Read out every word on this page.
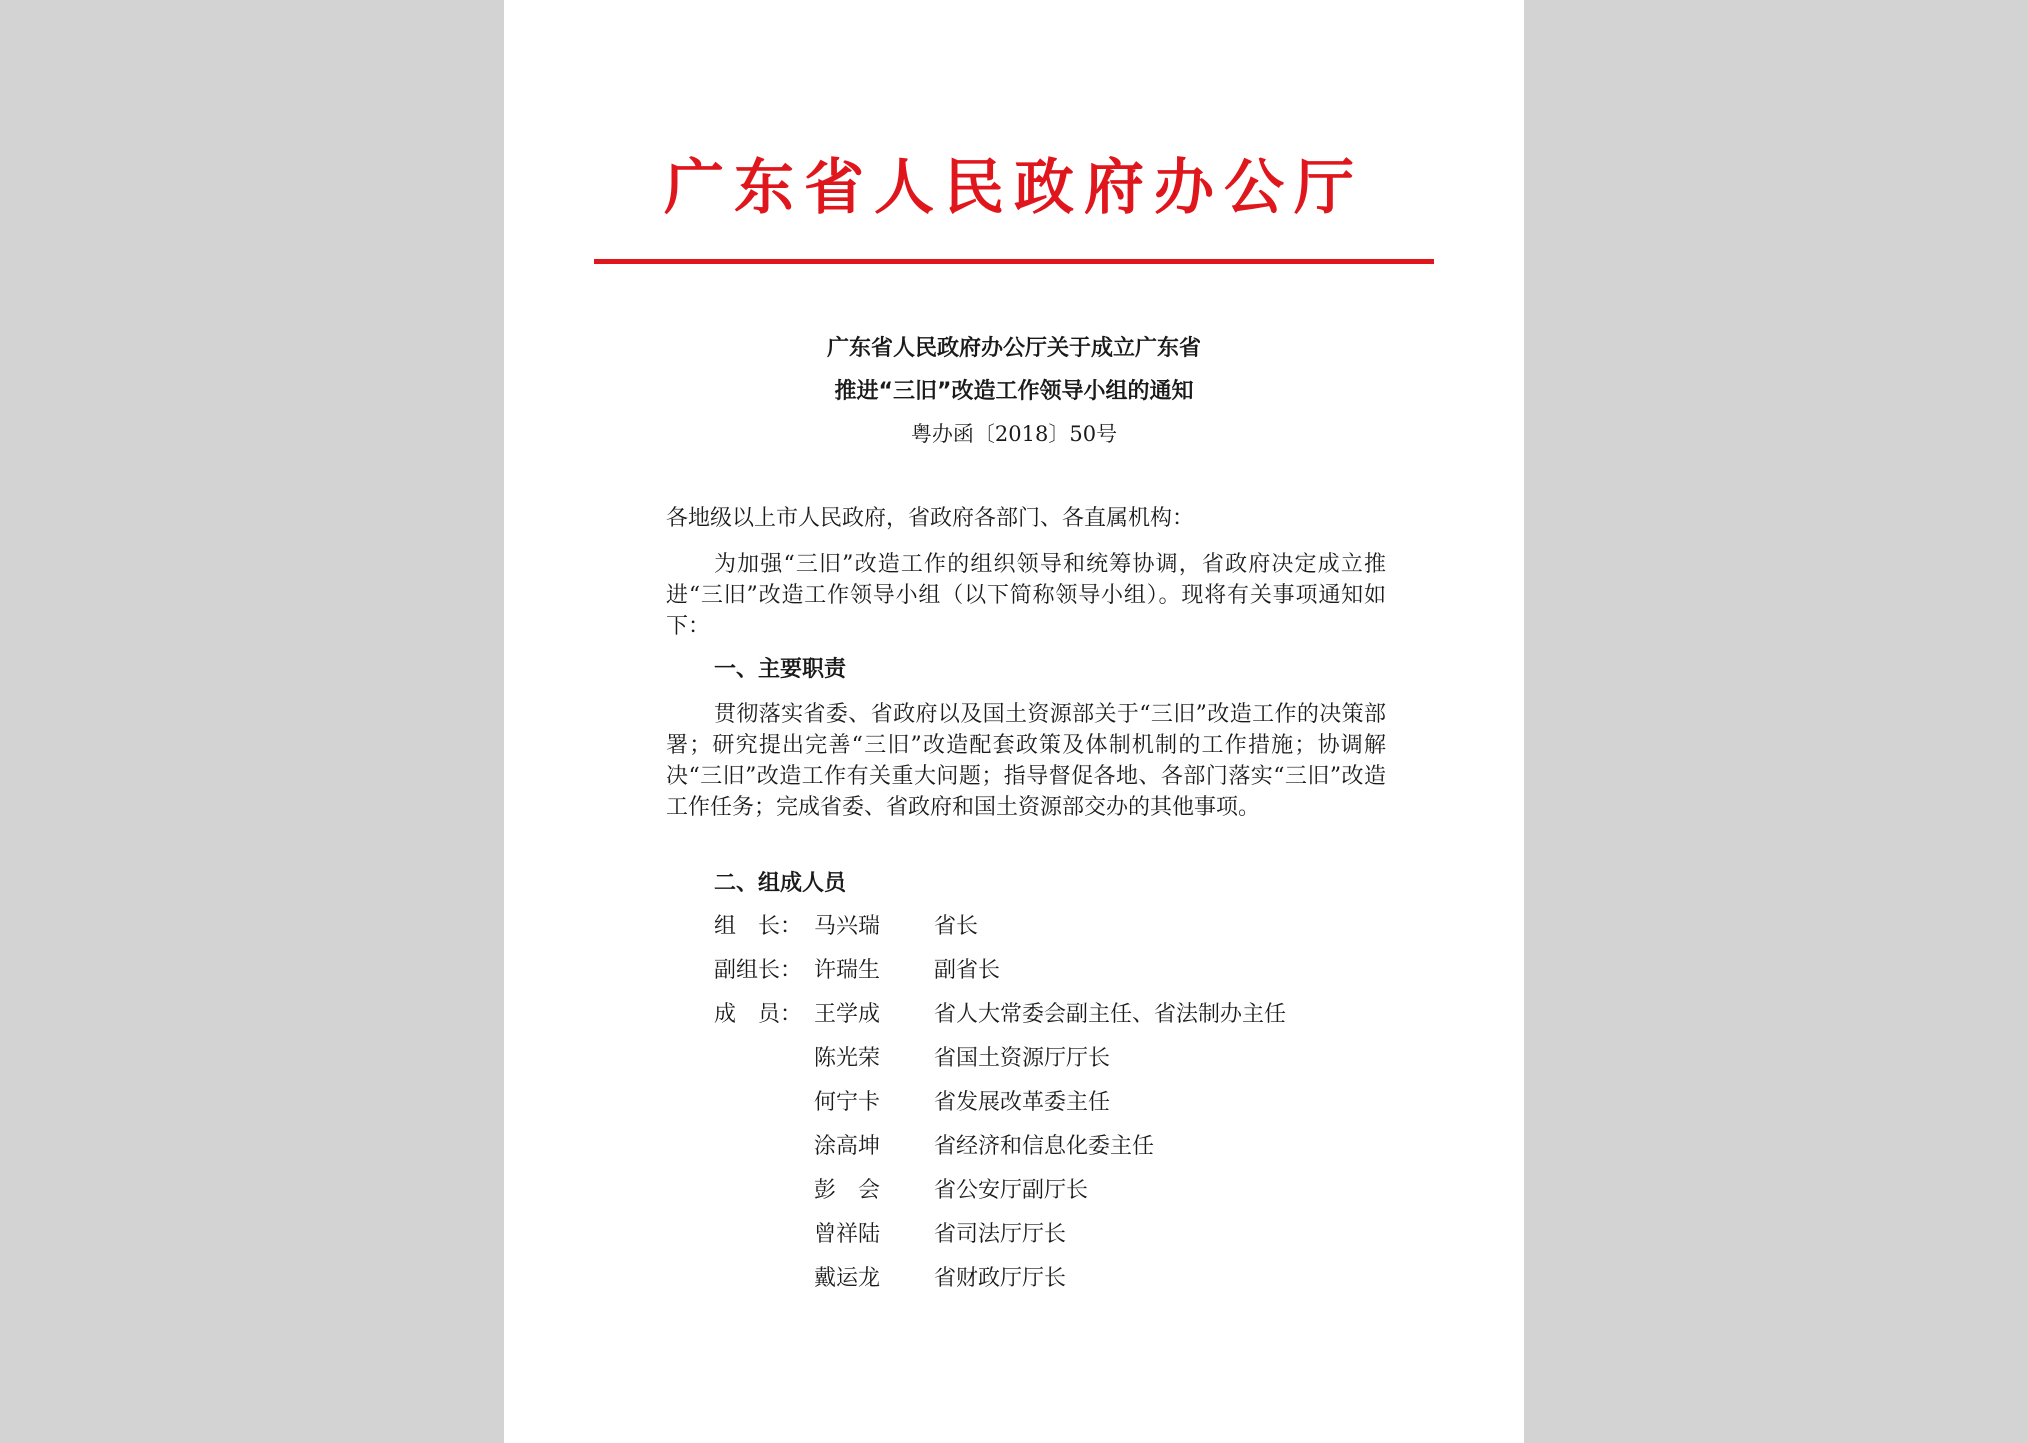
广东省人民政府办公厅
广东省人民政府办公厅关于成立广东省
推进“三旧”改造工作领导小组的通知
粤办函〔2018〕50号
各地级以上市人民政府，省政府各部门、各直属机构：

为加强“三旧”改造工作的组织领导和统筹协调，省政府决定成立推进“三旧”改造工作领导小组（以下简称领导小组）。现将有关事项通知如下：

一、主要职责

贯彻落实省委、省政府以及国土资源部关于“三旧”改造工作的决策部署；研究提出完善“三旧”改造配套政策及体制机制的工作措施；协调解决“三旧”改造工作有关重大问题；指导督促各地、各部门落实“三旧”改造工作任务；完成省委、省政府和国土资源部交办的其他事项。

二、组成人员
组　长： 马兴瑞 省长
副组长： 许瑞生 副省长
成　员： 王学成 省人大常委会副主任、省法制办主任
陈光荣 省国土资源厅厅长
何宁卡 省发展改革委主任
涂高坤 省经济和信息化委主任
彭　会 省公安厅副厅长
曾祥陆 省司法厅厅长
戴运龙 省财政厅厅长
